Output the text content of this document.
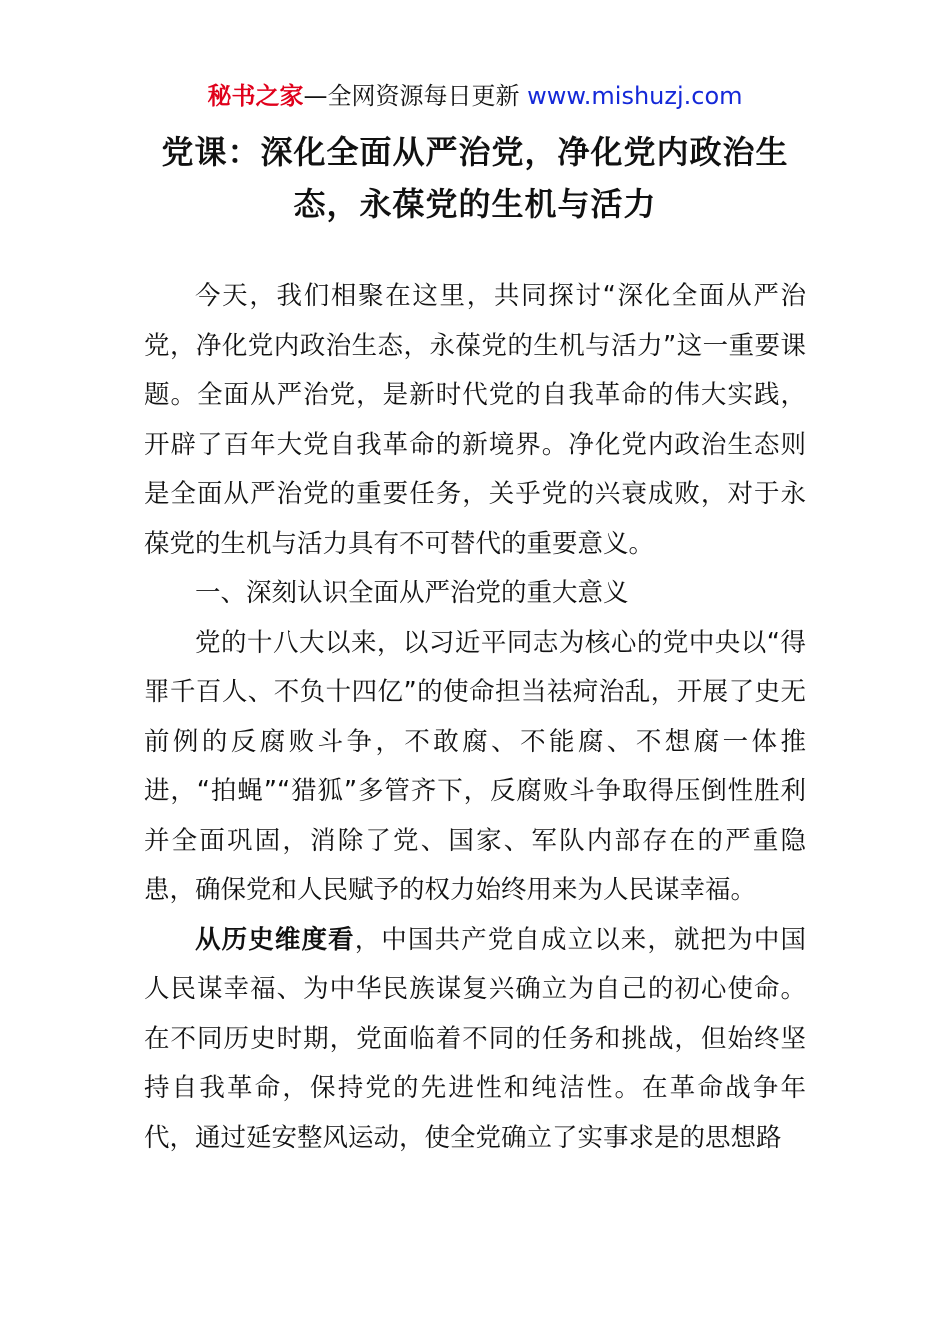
秘书之家—全网资源每日更新 www.mishuzj.com
党课：深化全面从严治党，净化党内政治生
态，永葆党的生机与活力

今天，我们相聚在这里，共同探讨“深化全面从严治党，净化党内政治生态，永葆党的生机与活力”这一重要课题。全面从严治党，是新时代党的自我革命的伟大实践，开辟了百年大党自我革命的新境界。净化党内政治生态则是全面从严治党的重要任务，关乎党的兴衰成败，对于永葆党的生机与活力具有不可替代的重要意义。

一、深刻认识全面从严治党的重大意义

党的十八大以来，以习近平同志为核心的党中央以“得罪千百人、不负十四亿”的使命担当祛疴治乱，开展了史无前例的反腐败斗争，不敢腐、不能腐、不想腐一体推进，“拍蝇”“猎狐”多管齐下，反腐败斗争取得压倒性胜利并全面巩固，消除了党、国家、军队内部存在的严重隐患，确保党和人民赋予的权力始终用来为人民谋幸福。

从历史维度看，中国共产党自成立以来，就把为中国人民谋幸福、为中华民族谋复兴确立为自己的初心使命。在不同历史时期，党面临着不同的任务和挑战，但始终坚持自我革命，保持党的先进性和纯洁性。在革命战争年代，通过延安整风运动，使全党确立了实事求是的思想路
